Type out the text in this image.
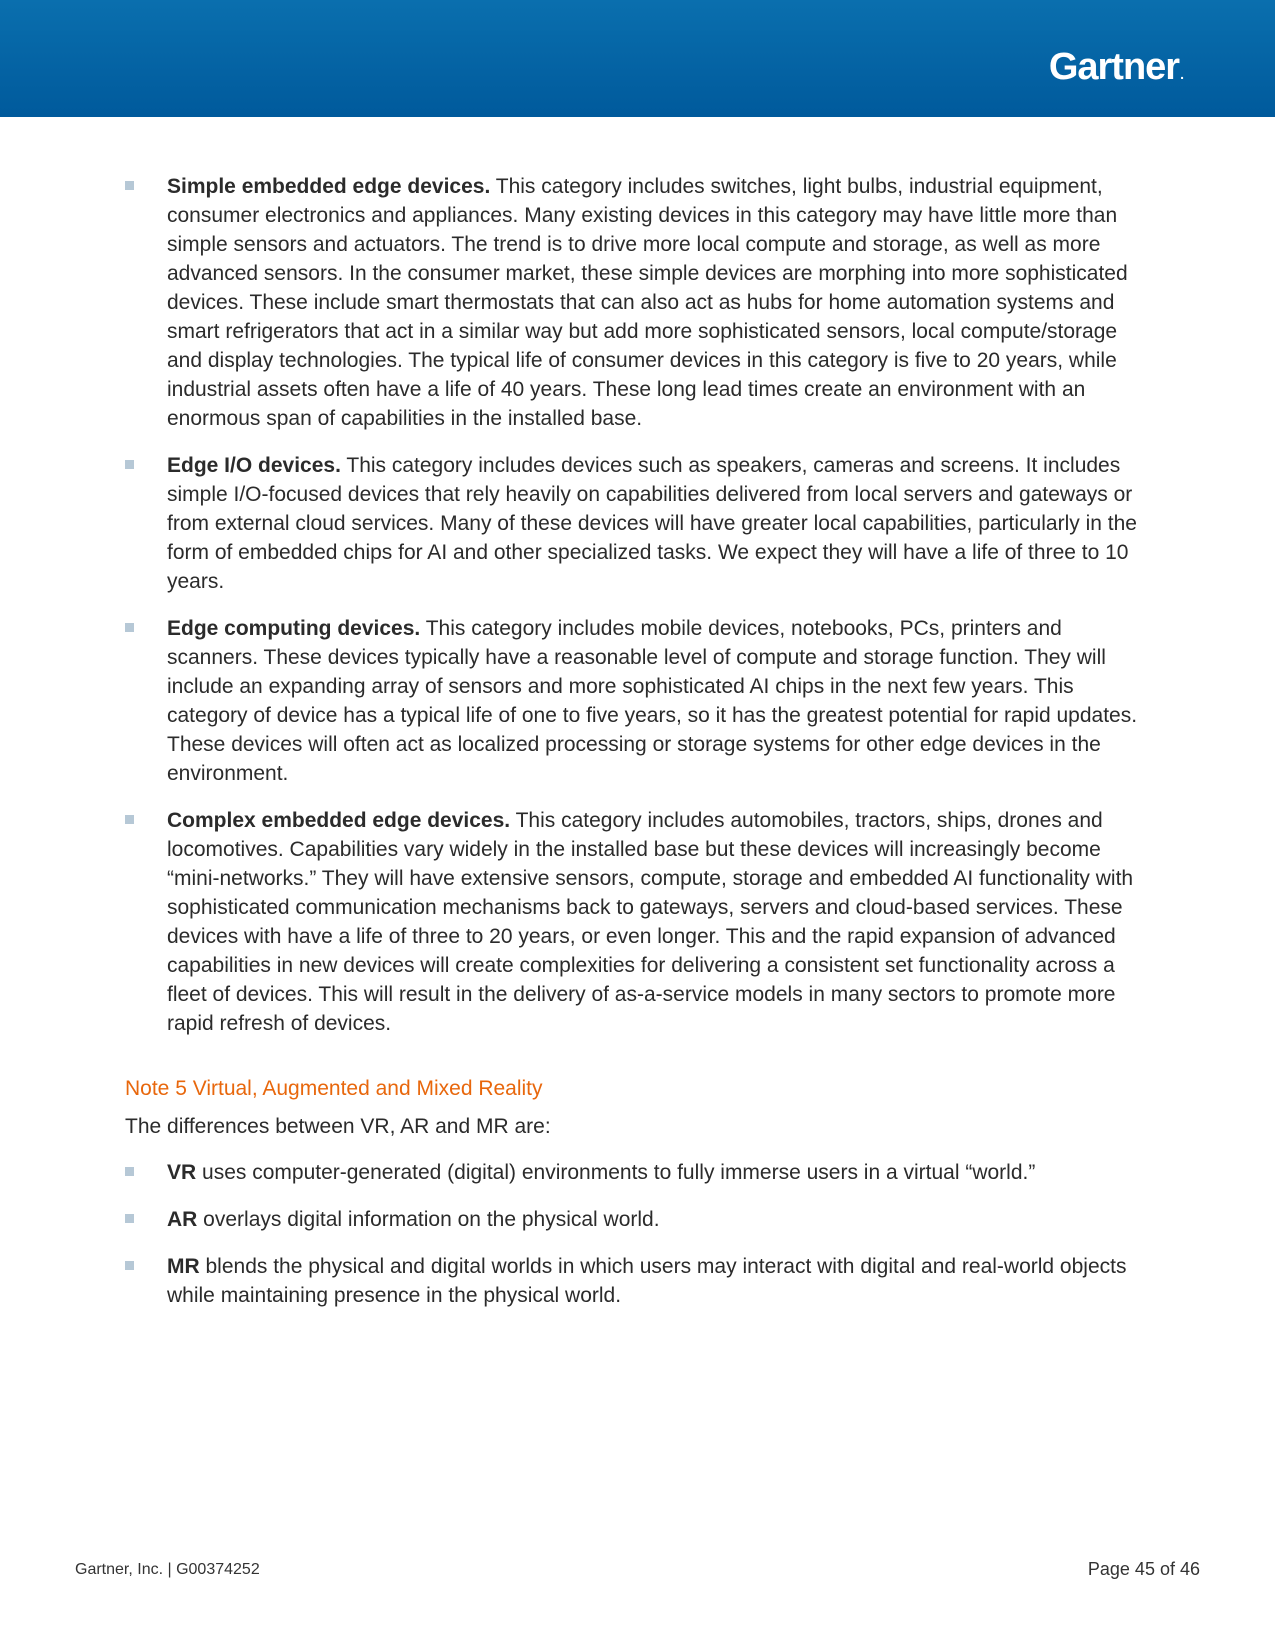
Gartner.
Simple embedded edge devices. This category includes switches, light bulbs, industrial equipment, consumer electronics and appliances. Many existing devices in this category may have little more than simple sensors and actuators. The trend is to drive more local compute and storage, as well as more advanced sensors. In the consumer market, these simple devices are morphing into more sophisticated devices. These include smart thermostats that can also act as hubs for home automation systems and smart refrigerators that act in a similar way but add more sophisticated sensors, local compute/storage and display technologies. The typical life of consumer devices in this category is five to 20 years, while industrial assets often have a life of 40 years. These long lead times create an environment with an enormous span of capabilities in the installed base.
Edge I/O devices. This category includes devices such as speakers, cameras and screens. It includes simple I/O-focused devices that rely heavily on capabilities delivered from local servers and gateways or from external cloud services. Many of these devices will have greater local capabilities, particularly in the form of embedded chips for AI and other specialized tasks. We expect they will have a life of three to 10 years.
Edge computing devices. This category includes mobile devices, notebooks, PCs, printers and scanners. These devices typically have a reasonable level of compute and storage function. They will include an expanding array of sensors and more sophisticated AI chips in the next few years. This category of device has a typical life of one to five years, so it has the greatest potential for rapid updates. These devices will often act as localized processing or storage systems for other edge devices in the environment.
Complex embedded edge devices. This category includes automobiles, tractors, ships, drones and locomotives. Capabilities vary widely in the installed base but these devices will increasingly become “mini-networks.” They will have extensive sensors, compute, storage and embedded AI functionality with sophisticated communication mechanisms back to gateways, servers and cloud-based services. These devices with have a life of three to 20 years, or even longer. This and the rapid expansion of advanced capabilities in new devices will create complexities for delivering a consistent set functionality across a fleet of devices. This will result in the delivery of as-a-service models in many sectors to promote more rapid refresh of devices.
Note 5 Virtual, Augmented and Mixed Reality
The differences between VR, AR and MR are:
VR uses computer-generated (digital) environments to fully immerse users in a virtual “world.”
AR overlays digital information on the physical world.
MR blends the physical and digital worlds in which users may interact with digital and real-world objects while maintaining presence in the physical world.
Gartner, Inc. | G00374252	Page 45 of 46
